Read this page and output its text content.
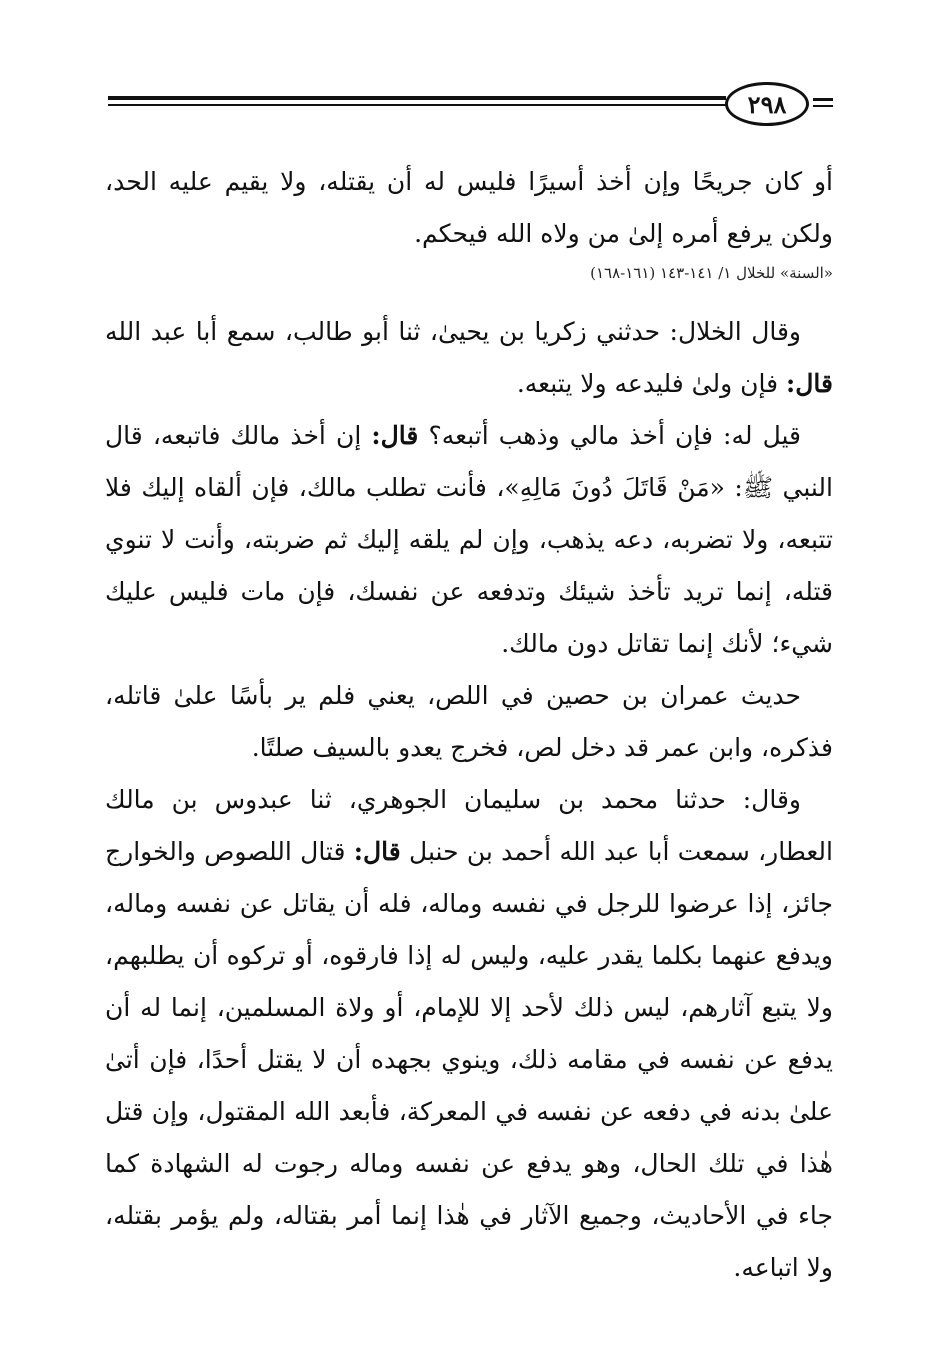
٢٩٨

أو كان جريحًا وإن أخذ أسيرًا فليس له أن يقتله، ولا يقيم عليه الحد، ولكن يرفع أمره إلىٰ من ولاه الله فيحكم.

«السنة» للخلال ١/ ١٤١-١٤٣ (١٦١-١٦٨)

وقال الخلال: حدثني زكريا بن يحيىٰ، ثنا أبو طالب، سمع أبا عبد الله قال: فإن ولىٰ فليدعه ولا يتبعه.

قيل له: فإن أخذ مالي وذهب أتبعه؟ قال: إن أخذ مالك فاتبعه، قال النبي ﷺ: «مَنْ قَاتَلَ دُونَ مَالِهِ»، فأنت تطلب مالك، فإن ألقاه إليك فلا تتبعه، ولا تضربه، دعه يذهب، وإن لم يلقه إليك ثم ضربته، وأنت لا تنوي قتله، إنما تريد تأخذ شيئك وتدفعه عن نفسك، فإن مات فليس عليك شيء؛ لأنك إنما تقاتل دون مالك.

حديث عمران بن حصين في اللص، يعني فلم ير بأسًا علىٰ قاتله، فذكره، وابن عمر قد دخل لص، فخرج يعدو بالسيف صلتًا.

وقال: حدثنا محمد بن سليمان الجوهري، ثنا عبدوس بن مالك العطار، سمعت أبا عبد الله أحمد بن حنبل قال: قتال اللصوص والخوارج جائز، إذا عرضوا للرجل في نفسه وماله، فله أن يقاتل عن نفسه وماله، ويدفع عنهما بكلما يقدر عليه، وليس له إذا فارقوه، أو تركوه أن يطلبهم، ولا يتبع آثارهم، ليس ذلك لأحد إلا للإمام، أو ولاة المسلمين، إنما له أن يدفع عن نفسه في مقامه ذلك، وينوي بجهده أن لا يقتل أحدًا، فإن أتىٰ علىٰ بدنه في دفعه عن نفسه في المعركة، فأبعد الله المقتول، وإن قتل هٰذا في تلك الحال، وهو يدفع عن نفسه وماله رجوت له الشهادة كما جاء في الأحاديث، وجميع الآثار في هٰذا إنما أمر بقتاله، ولم يؤمر بقتله، ولا اتباعه.
